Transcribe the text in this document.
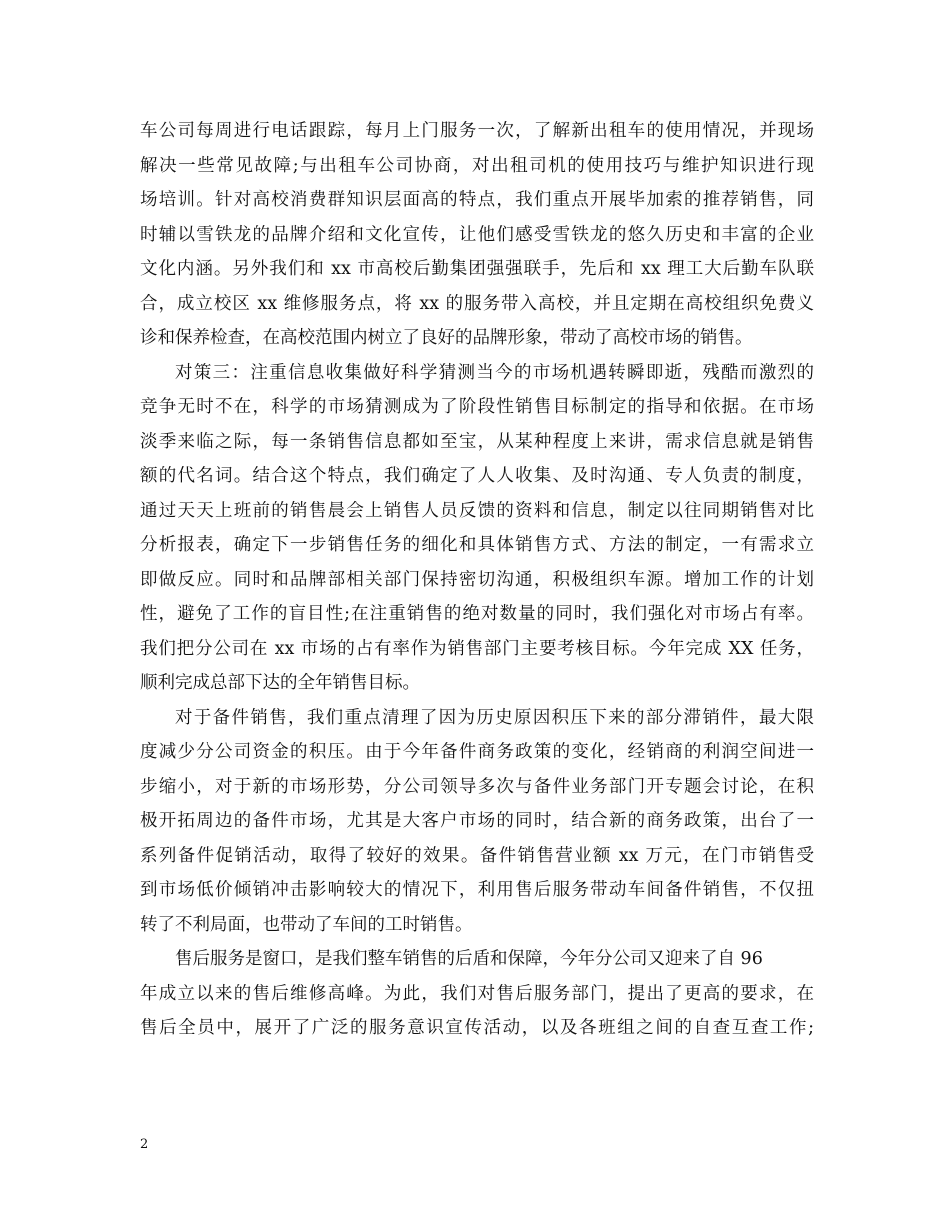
车公司每周进行电话跟踪，每月上门服务一次，了解新出租车的使用情况，并现场
解决一些常见故障;与出租车公司协商，对出租司机的使用技巧与维护知识进行现
场培训。针对高校消费群知识层面高的特点，我们重点开展毕加索的推荐销售，同
时辅以雪铁龙的品牌介绍和文化宣传，让他们感受雪铁龙的悠久历史和丰富的企业
文化内涵。另外我们和 xx 市高校后勤集团强强联手，先后和 xx 理工大后勤车队联
合，成立校区 xx 维修服务点，将 xx 的服务带入高校，并且定期在高校组织免费义
诊和保养检查，在高校范围内树立了良好的品牌形象，带动了高校市场的销售。
对策三：注重信息收集做好科学猜测当今的市场机遇转瞬即逝，残酷而激烈的
竞争无时不在，科学的市场猜测成为了阶段性销售目标制定的指导和依据。在市场
淡季来临之际，每一条销售信息都如至宝，从某种程度上来讲，需求信息就是销售
额的代名词。结合这个特点，我们确定了人人收集、及时沟通、专人负责的制度，
通过天天上班前的销售晨会上销售人员反馈的资料和信息，制定以往同期销售对比
分析报表，确定下一步销售任务的细化和具体销售方式、方法的制定，一有需求立
即做反应。同时和品牌部相关部门保持密切沟通，积极组织车源。增加工作的计划
性，避免了工作的盲目性;在注重销售的绝对数量的同时，我们强化对市场占有率。
我们把分公司在 xx 市场的占有率作为销售部门主要考核目标。今年完成 XX 任务，
顺利完成总部下达的全年销售目标。
对于备件销售，我们重点清理了因为历史原因积压下来的部分滞销件，最大限
度减少分公司资金的积压。由于今年备件商务政策的变化，经销商的利润空间进一
步缩小，对于新的市场形势，分公司领导多次与备件业务部门开专题会讨论，在积
极开拓周边的备件市场，尤其是大客户市场的同时，结合新的商务政策，出台了一
系列备件促销活动，取得了较好的效果。备件销售营业额 xx 万元，在门市销售受
到市场低价倾销冲击影响较大的情况下，利用售后服务带动车间备件销售，不仅扭
转了不利局面，也带动了车间的工时销售。
售后服务是窗口，是我们整车销售的后盾和保障，今年分公司又迎来了自 96
年成立以来的售后维修高峰。为此，我们对售后服务部门，提出了更高的要求，在
售后全员中，展开了广泛的服务意识宣传活动，以及各班组之间的自查互查工作;
2
